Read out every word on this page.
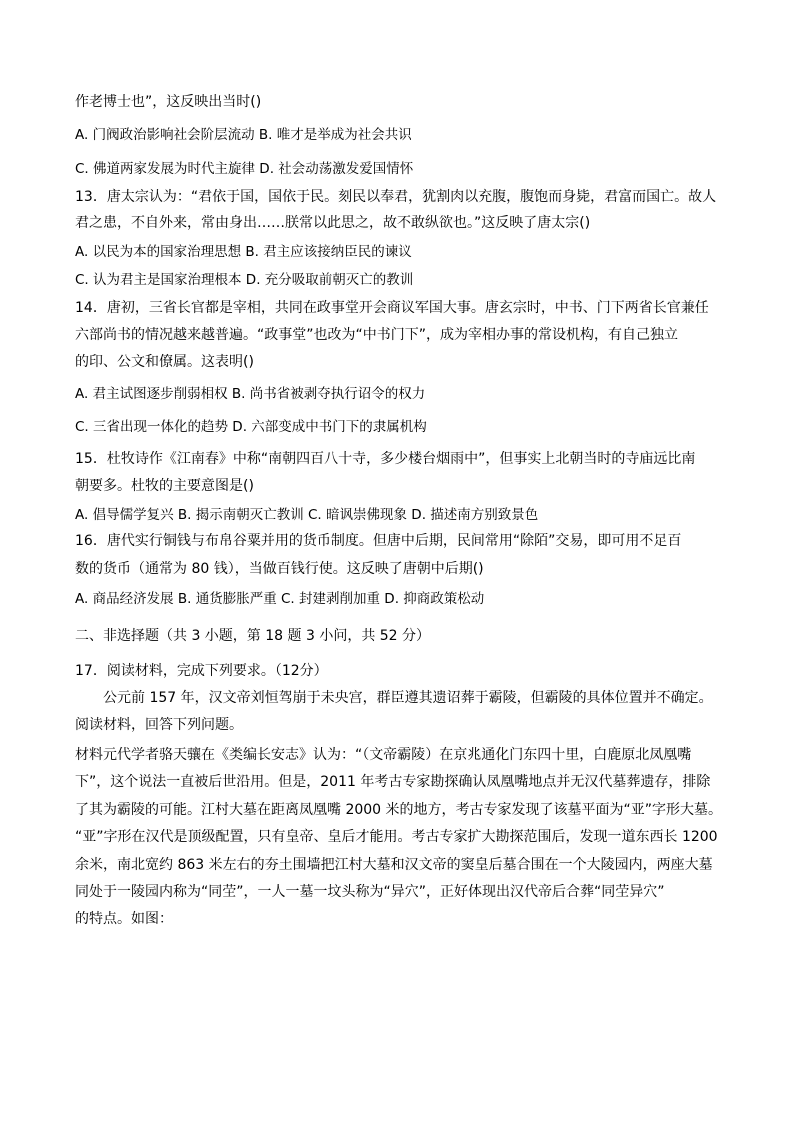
作老博士也”，这反映出当时()

A. 门阀政治影响社会阶层流动 B. 唯才是举成为社会共识

C. 佛道两家发展为时代主旋律 D. 社会动荡激发爱国情怀

13．唐太宗认为：“君依于国，国依于民。刻民以奉君，犹割肉以充腹，腹饱而身毙，君富而国亡。故人

君之患，不自外来，常由身出……朕常以此思之，故不敢纵欲也。”这反映了唐太宗()

A. 以民为本的国家治理思想 B. 君主应该接纳臣民的谏议

C. 认为君主是国家治理根本 D. 充分吸取前朝灭亡的教训

14．唐初，三省长官都是宰相，共同在政事堂开会商议军国大事。唐玄宗时，中书、门下两省长官兼任

六部尚书的情况越来越普遍。“政事堂”也改为“中书门下”，成为宰相办事的常设机构，有自己独立

的印、公文和僚属。这表明()

A. 君主试图逐步削弱相权 B. 尚书省被剥夺执行诏令的权力

C. 三省出现一体化的趋势 D. 六部变成中书门下的隶属机构

15．杜牧诗作《江南春》中称“南朝四百八十寺，多少楼台烟雨中”，但事实上北朝当时的寺庙远比南

朝要多。杜牧的主要意图是()

A. 倡导儒学复兴 B. 揭示南朝灭亡教训 C. 暗讽崇佛现象 D. 描述南方别致景色

16．唐代实行铜钱与布帛谷粟并用的货币制度。但唐中后期，民间常用“除陌”交易，即可用不足百

数的货币（通常为 80 钱），当做百钱行使。这反映了唐朝中后期()

A. 商品经济发展 B. 通货膨胀严重 C. 封建剥削加重 D. 抑商政策松动

二、非选择题（共 3 小题，第 18 题 3 小问，共 52 分）

17．阅读材料，完成下列要求。（12分）

公元前 157 年，汉文帝刘恒驾崩于未央宫，群臣遵其遗诏葬于霸陵，但霸陵的具体位置并不确定。

阅读材料，回答下列问题。

材料元代学者骆天骧在《类编长安志》认为：“（文帝霸陵）在京兆通化门东四十里，白鹿原北凤凰嘴

下”，这个说法一直被后世沿用。但是，2011 年考古专家勘探确认凤凰嘴地点并无汉代墓葬遗存，排除

了其为霸陵的可能。江村大墓在距离凤凰嘴 2000 米的地方，考古专家发现了该墓平面为“亚”字形大墓。

“亚”字形在汉代是顶级配置，只有皇帝、皇后才能用。考古专家扩大勘探范围后，发现一道东西长 1200

余米，南北宽约 863 米左右的夯土围墙把江村大墓和汉文帝的窦皇后墓合围在一个大陵园内，两座大墓

同处于一陵园内称为“同茔”，一人一墓一坟头称为“异穴”，正好体现出汉代帝后合葬“同茔异穴”

的特点。如图：
